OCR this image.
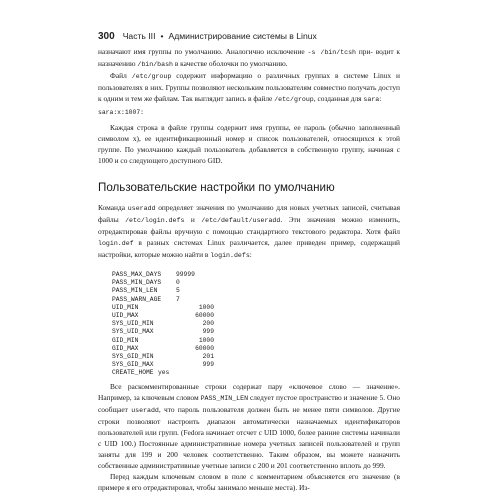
300 Часть III • Администрирование системы в Linux

назначают имя группы по умолчанию. Аналогично исключение -s /bin/tcsh при- водит к назначению /bin/bash в качестве оболочки по умолчанию.

Файл /etc/group содержит информацию о различных группах в системе Linux и пользователях в них. Группы позволяют нескольким пользователям совместно получать доступ к одним и тем же файлам. Так выглядит запись в файле /etc/group, созданная для sara:

sara:x:1007:

Каждая строка в файле группы содержит имя группы, ее пароль (обычно заполненный символом x), ее идентификационный номер и список пользователей, относящихся к этой группе. По умолчанию каждый пользователь добавляется в собственную группу, начиная с 1000 и со следующего доступного GID.

Пользовательские настройки по умолчанию

Команда useradd определяет значения по умолчанию для новых учетных записей, считывая файлы /etc/login.defs и /etc/default/useradd. Эти значения можно изменить, отредактировав файлы вручную с помощью стандартного текстового редактора. Хотя файл login.def в разных системах Linux различается, далее приведен пример, содержащий настройки, которые можно найти в login.defs:

PASS_MAX_DAYS	99999
PASS_MIN_DAYS	0
PASS_MIN_LEN	5
PASS_WARN_AGE	7
UID_MIN	1000
UID_MAX	60000
SYS_UID_MIN	200
SYS_UID_MAX	999
GID_MIN	1000
GID_MAX	60000
SYS_GID_MIN	201
SYS_GID_MAX	999
CREATE_HOME yes

Все раскомментированные строки содержат пару «ключевое слово — значение». Например, за ключевым словом PASS_MIN_LEN следует пустое пространство и значение 5. Оно сообщает useradd, что пароль пользователя должен быть не менее пяти символов. Другие строки позволяют настроить диапазон автоматически назначаемых идентификаторов пользователей или групп. (Fedora начинает отсчет с UID 1000, более ранние системы начинали с UID 100.) Постоянные административные номера учетных записей пользователей и групп заняты для 199 и 200 человек соответственно. Таким образом, вы можете назначить собственные административные учетные записи с 200 и 201 соответственно вплоть до 999.

Перед каждым ключевым словом в поле с комментарием объясняется его значение (в примере я его отредактировал, чтобы занимало меньше места). Из-
